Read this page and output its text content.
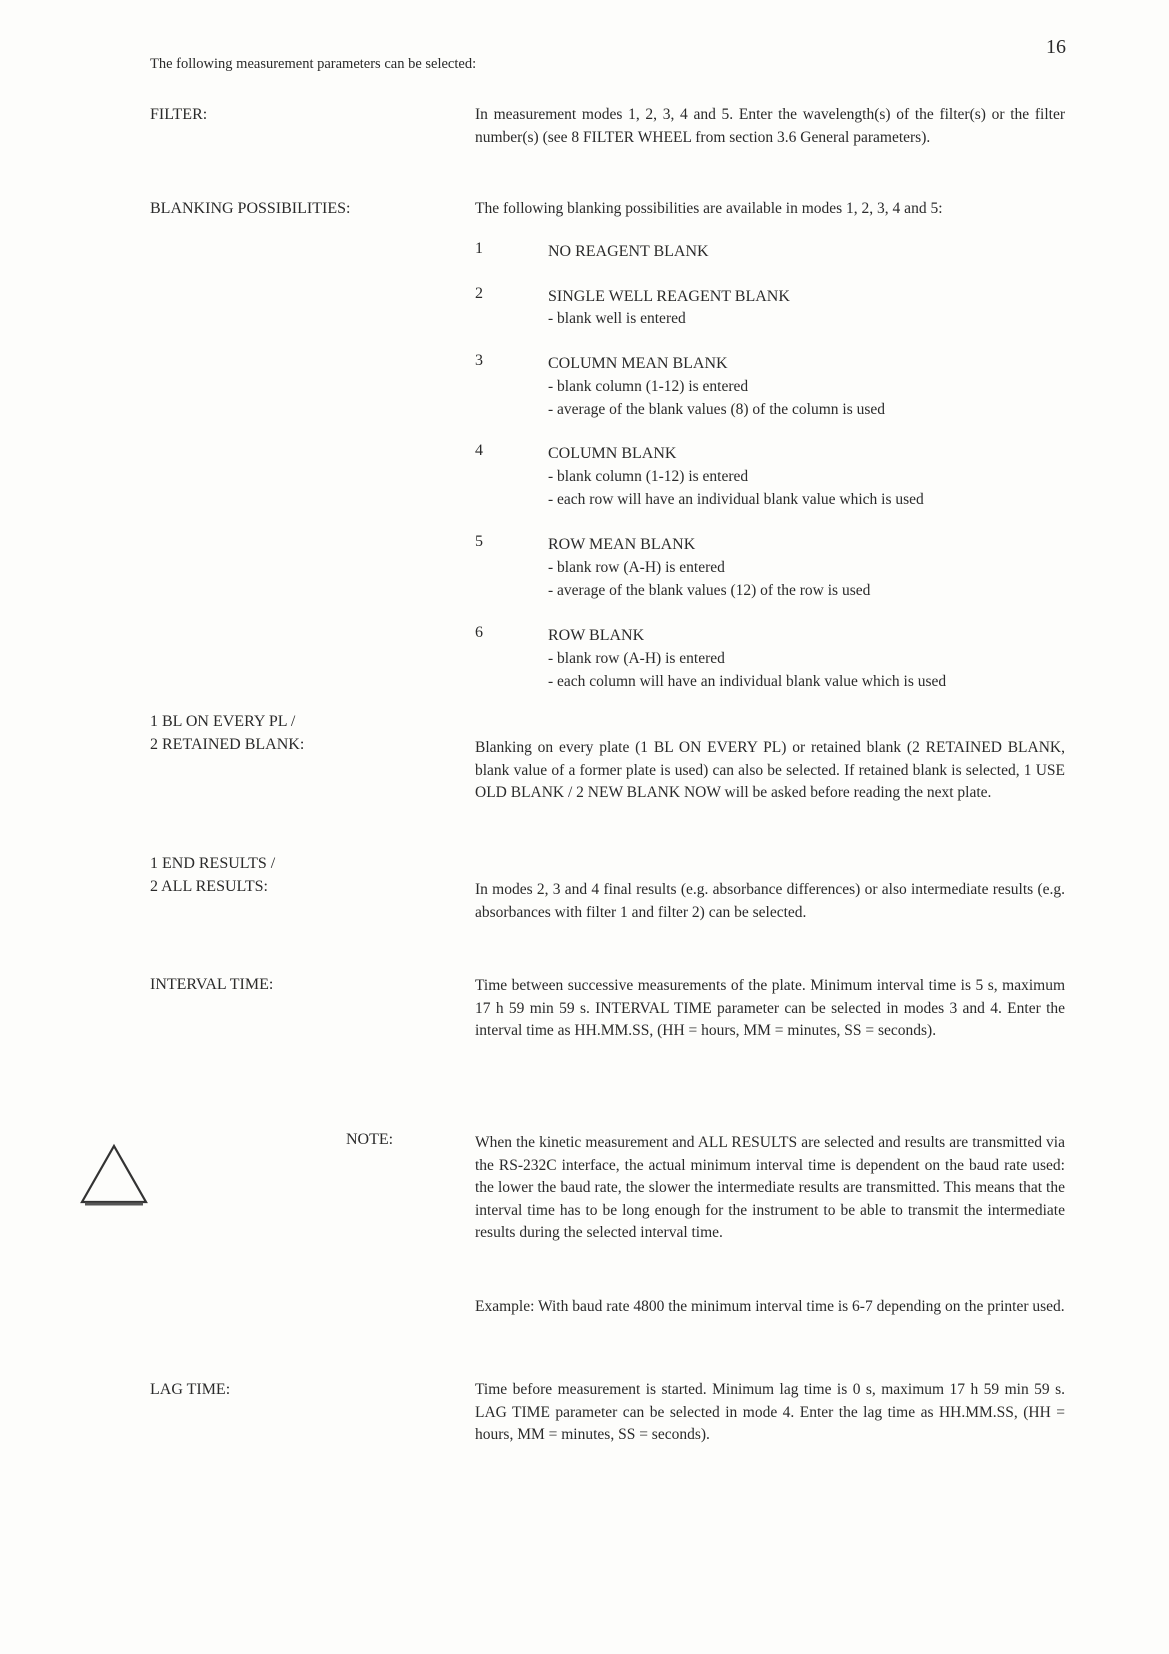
16
The following measurement parameters can be selected:
FILTER:	In measurement modes 1, 2, 3, 4 and 5. Enter the wavelength(s) of the filter(s) or the filter number(s) (see 8 FILTER WHEEL from section 3.6 General parameters).
BLANKING POSSIBILITIES:	The following blanking possibilities are available in modes 1, 2, 3, 4 and 5:
1	NO REAGENT BLANK
2	SINGLE WELL REAGENT BLANK
- blank well is entered
3	COLUMN MEAN BLANK
- blank column (1-12) is entered
- average of the blank values (8) of the column is used
4	COLUMN BLANK
- blank column (1-12) is entered
- each row will have an individual blank value which is used
5	ROW MEAN BLANK
- blank row (A-H) is entered
- average of the blank values (12) of the row is used
6	ROW BLANK
- blank row (A-H) is entered
- each column will have an individual blank value which is used
1 BL ON EVERY PL /
2 RETAINED BLANK:	Blanking on every plate (1 BL ON EVERY PL) or retained blank (2 RETAINED BLANK, blank value of a former plate is used) can also be selected. If retained blank is selected, 1 USE OLD BLANK / 2 NEW BLANK NOW will be asked before reading the next plate.
1 END RESULTS /
2 ALL RESULTS:	In modes 2, 3 and 4 final results (e.g. absorbance differences) or also intermediate results (e.g. absorbances with filter 1 and filter 2) can be selected.
INTERVAL TIME:	Time between successive measurements of the plate. Minimum interval time is 5 s, maximum 17 h 59 min 59 s. INTERVAL TIME parameter can be selected in modes 3 and 4. Enter the interval time as HH.MM.SS, (HH = hours, MM = minutes, SS = seconds).
NOTE:	When the kinetic measurement and ALL RESULTS are selected and results are transmitted via the RS-232C interface, the actual minimum interval time is dependent on the baud rate used: the lower the baud rate, the slower the intermediate results are transmitted. This means that the interval time has to be long enough for the instrument to be able to transmit the intermediate results during the selected interval time.
Example: With baud rate 4800 the minimum interval time is 6-7 depending on the printer used.
LAG TIME:	Time before measurement is started. Minimum lag time is 0 s, maximum 17 h 59 min 59 s. LAG TIME parameter can be selected in mode 4. Enter the lag time as HH.MM.SS, (HH = hours, MM = minutes, SS = seconds).
